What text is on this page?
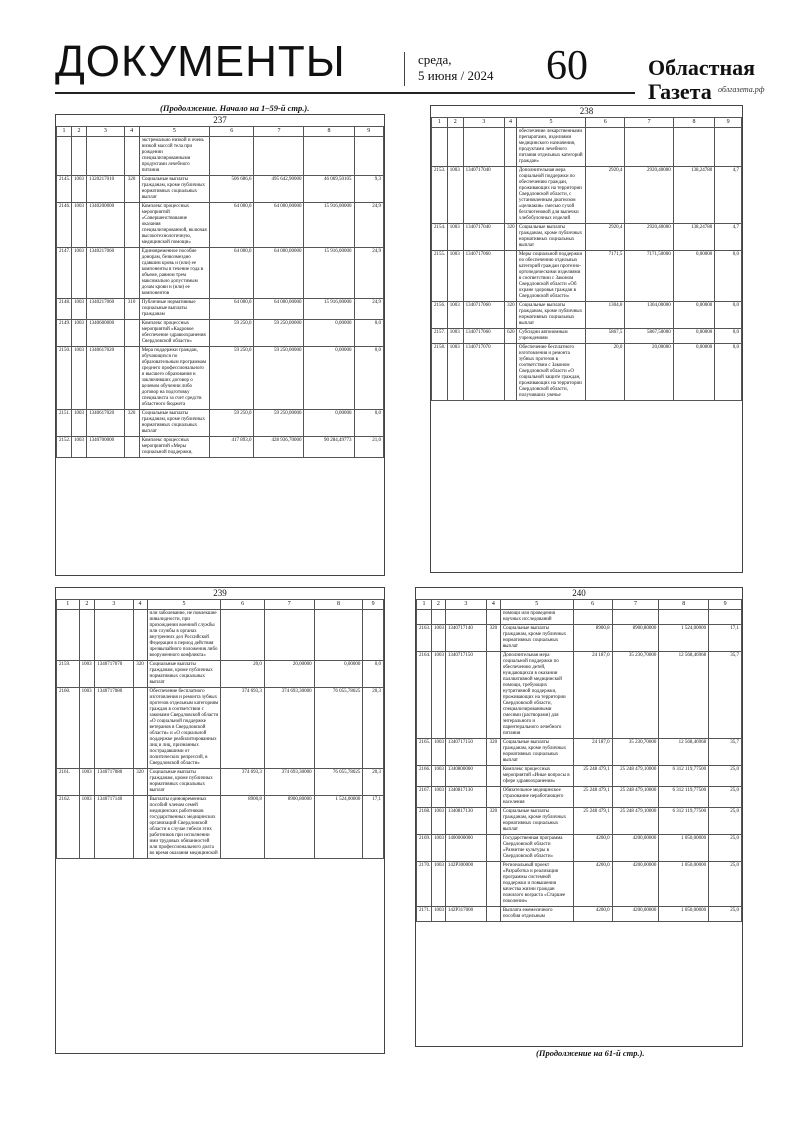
ДОКУМЕНТЫ	среда,
5 июня / 2024 60	Областная
Газета облгазета.рф
(Продолжение. Начало на 1–59-й стр.).
237
1	2	3	4	5	6	7	8	9
				экстремально низкой и очень низкой массой тела при рождении специализированными продуктами лечебного питания				
2145.	1003	1320217010	320	Социальные выплаты гражданам, кроме публичных нормативных социальных выплат	506 686,6	495 642,90000	46 069,50105	9,3
2146.	1003	1340200000		Комплекс процессных мероприятий «Совершенствование оказания специализированной, включая высокотехнологичную, медицинской помощи»	64 000,0	64 000,00000	15 916,00000	24,9
2147.	1003	1340217060		Единовременное пособие донорам, безвозмездно сдавшим кровь и (или) ее компоненты в течение года в объеме, равном трем максимально допустимым дозам крови и (или) ее компонентов	64 000,0	64 000,00000	15 916,00000	24,9
2148.	1003	1340217060	310	Публичные нормативные социальные выплаты гражданам	64 000,0	64 000,00000	15 916,00000	24,9
2149.	1003	1340600000		Комплекс процессных мероприятий «Кадровое обеспечение здравоохранения Свердловской области»	59 250,0	59 250,00000	0,00000	0,0
2150.	1003	1340617020		Мера поддержки граждан, обучающихся по образовательным программам среднего профессионального и высшего образования и заключивших договор о целевом обучении либо договор на подготовку специалиста за счет средств областного бюджета	59 250,0	59 250,00000	0,00000	0,0
2151.	1003	1340617020	320	Социальные выплаты гражданам, кроме публичных нормативных социальных выплат	59 250,0	59 250,00000	0,00000	0,0
2152.	1003	1340700000		Комплекс процессных мероприятий «Меры социальной поддержки,	417 893,0	428 936,70000	90 284,49773	21,0
238
1	2	3	4	5	6	7	8	9
				обеспечение лекарственными препаратами, изделиями медицинского назначения, продуктами лечебного питания отдельных категорий граждан»				
2153.	1003	1340717040		Дополнительная мера социальной поддержки по обеспечению граждан, проживающих на территории Свердловской области, с установленным диагнозом «целиакия» смесью сухой безглютеновой для выпечки хлебобулочных изделий	2920,4	2920,40000	138,24780	4,7
2154.	1003	1340717040	320	Социальные выплаты гражданам, кроме публичных нормативных социальных выплат	2920,4	2920,40000	138,24780	4,7
2155.	1003	1340717060		Меры социальной поддержки по обеспечению отдельных категорий граждан протезно-ортопедическими изделиями в соответствии с Законом Свердловской области «Об охране здоровья граждан в Свердловской области»	7171,5	7171,50000	0,00000	0,0
2156.	1003	1340717060	320	Социальные выплаты гражданам, кроме публичных нормативных социальных выплат	1304,0	1304,00000	0,00000	0,0
2157.	1003	1340717060	620	Субсидии автономным учреждениям	5867,5	5867,50000	0,00000	0,0
2158.	1003	1340717070		Обеспечение бесплатного изготовления и ремонта зубных протезов в соответствии с Законом Свердловской области «О социальной защите граждан, проживающих на территории Свердловской области, получивших увечье	20,0	20,00000	0,00000	0,0
239
1	2	3	4	5	6	7	8	9
				или заболевание, не повлекшие инвалидности, при прохождении военной службы или службы в органах внутренних дел Российской Федерации в период действия чрезвычайного положения либо вооруженного конфликта»				
2159.	1003	1340717070	320	Социальные выплаты гражданам, кроме публичных нормативных социальных выплат	20,0	20,00000	0,00000	0,0
2160.	1003	1340717080		Обеспечение бесплатного изготовления и ремонта зубных протезов отдельным категориям граждан в соответствии с законами Свердловской области «О социальной поддержке ветеранов в Свердловской области» и «О социальной поддержке реабилитированных лиц и лиц, признанных пострадавшими от политических репрессий, в Свердловской области»	374 693,3	374 693,30000	76 055,78025	20,3
2161.	1003	1340717080	320	Социальные выплаты гражданам, кроме публичных нормативных социальных выплат	374 693,3	374 693,30000	76 055,78025	20,3
2162.	1003	1340717140		Выплаты единовременных пособий членам семей медицинских работников государственных медицинских организаций Свердловской области в случае гибели этих работников при исполнении ими трудовых обязанностей или профессионального долга во время оказания медицинской	8900,8	8900,80000	1 524,00000	17,1
240
1	2	3	4	5	6	7	8	9
				помощи или проведения научных исследований				
2163.	1003	1340717140	320	Социальные выплаты гражданам, кроме публичных нормативных социальных выплат	8900,8	8900,80000	1 524,00000	17,1
2164.	1003	1340717150		Дополнительная мера социальной поддержки по обеспечению детей, нуждающихся в оказании паллиативной медицинской помощи, требующих нутритивной поддержки, проживающих на территории Свердловской области, специализированными смесями (растворами) для энтерального и парентерального лечебного питания	24 187,0	35 230,70000	12 568,46968	35,7
2165.	1003	1340717150	320	Социальные выплаты гражданам, кроме публичных нормативных социальных выплат	24 187,0	35 230,70000	12 568,46968	35,7
2166.	1003	1340800000		Комплекс процессных мероприятий «Иные вопросы в сфере здравоохранения»	25 248 479,1	25 248 479,10000	6 312 119,77500	25,0
2167.	1003	1340817130		Обязательное медицинское страхование неработающего населения	25 248 479,1	25 248 479,10000	6 312 119,77500	25,0
2168.	1003	1340817130	320	Социальные выплаты гражданам, кроме публичных нормативных социальных выплат	25 248 479,1	25 248 479,10000	6 312 119,77500	25,0
2169.	1003	1400000000		Государственная программа Свердловской области «Развитие культуры в Свердловской области»	4200,0	4200,00000	1 050,00000	25,0
2170.	1003	142P300000		Региональный проект «Разработка и реализация программы системной поддержки и повышения качества жизни граждан пожилого возраста «Старшее поколение»	4200,0	4200,00000	1 050,00000	25,0
2171.	1003	142P317000		Выплата ежемесячного пособия отдельным	4200,0	4200,00000	1 050,00000	25,0
(Продолжение на 61-й стр.).
